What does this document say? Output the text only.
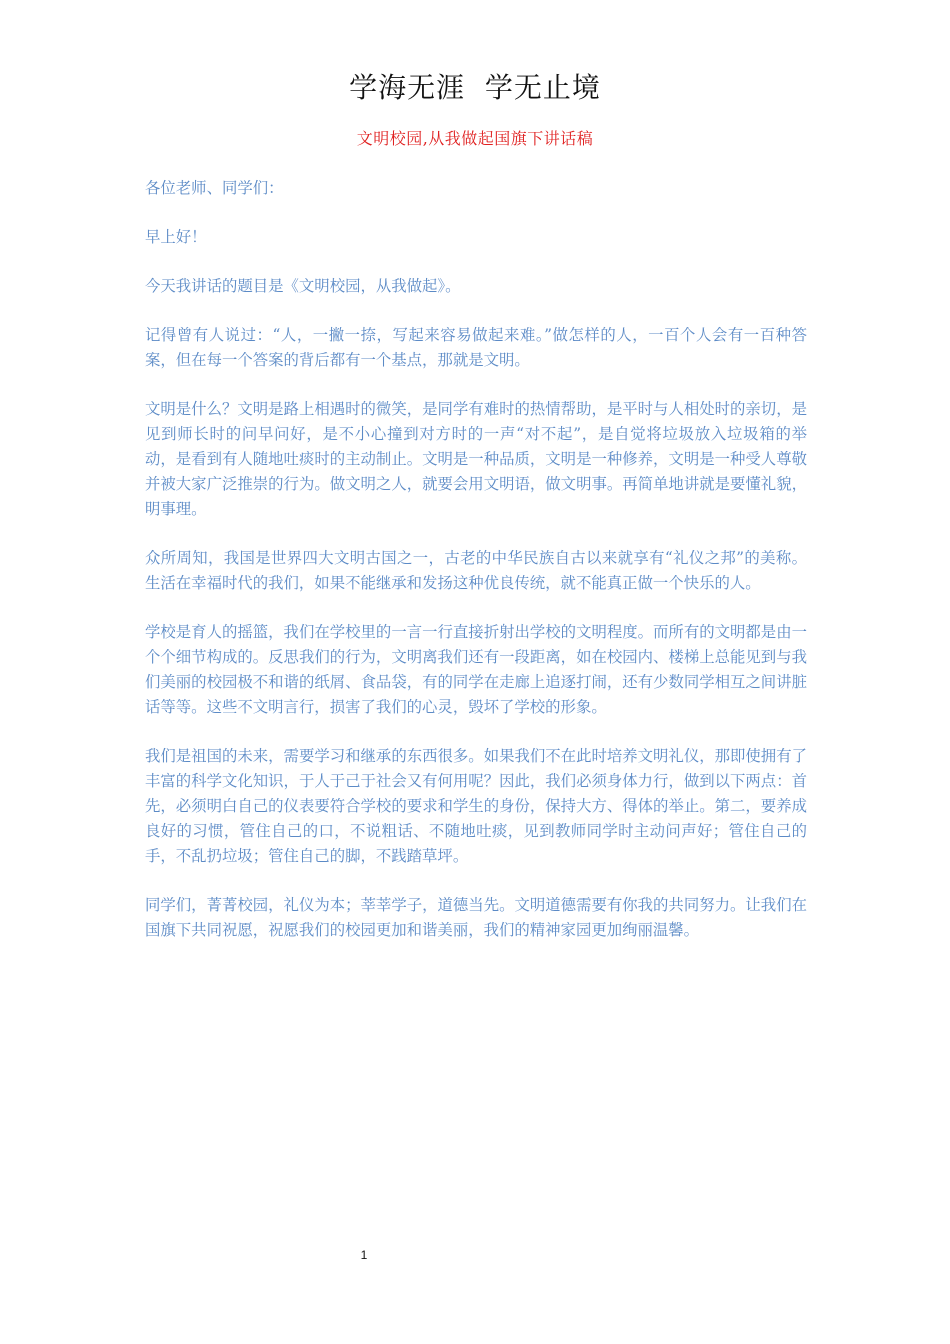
学海无涯  学无止境
文明校园,从我做起国旗下讲话稿

各位老师、同学们：

早上好！

今天我讲话的题目是《文明校园，从我做起》。

记得曾有人说过：“人，一撇一捺，写起来容易做起来难。”做怎样的人，一百个人会有一百种答案，但在每一个答案的背后都有一个基点，那就是文明。

文明是什么？文明是路上相遇时的微笑，是同学有难时的热情帮助，是平时与人相处时的亲切，是见到师长时的问早问好，是不小心撞到对方时的一声“对不起”，是自觉将垃圾放入垃圾箱的举动，是看到有人随地吐痰时的主动制止。文明是一种品质，文明是一种修养，文明是一种受人尊敬并被大家广泛推崇的行为。做文明之人，就要会用文明语，做文明事。再简单地讲就是要懂礼貌，明事理。

众所周知，我国是世界四大文明古国之一，古老的中华民族自古以来就享有“礼仪之邦”的美称。生活在幸福时代的我们，如果不能继承和发扬这种优良传统，就不能真正做一个快乐的人。

学校是育人的摇篮，我们在学校里的一言一行直接折射出学校的文明程度。而所有的文明都是由一个个细节构成的。反思我们的行为，文明离我们还有一段距离，如在校园内、楼梯上总能见到与我们美丽的校园极不和谐的纸屑、食品袋，有的同学在走廊上追逐打闹，还有少数同学相互之间讲脏话等等。这些不文明言行，损害了我们的心灵，毁坏了学校的形象。

我们是祖国的未来，需要学习和继承的东西很多。如果我们不在此时培养文明礼仪，那即使拥有了丰富的科学文化知识，于人于己于社会又有何用呢？因此，我们必须身体力行，做到以下两点：首先，必须明白自己的仪表要符合学校的要求和学生的身份，保持大方、得体的举止。第二，要养成良好的习惯，管住自己的口，不说粗话、不随地吐痰，见到教师同学时主动问声好；管住自己的手，不乱扔垃圾；管住自己的脚，不践踏草坪。

同学们，菁菁校园，礼仪为本；莘莘学子，道德当先。文明道德需要有你我的共同努力。让我们在国旗下共同祝愿，祝愿我们的校园更加和谐美丽，我们的精神家园更加绚丽温馨。

1
